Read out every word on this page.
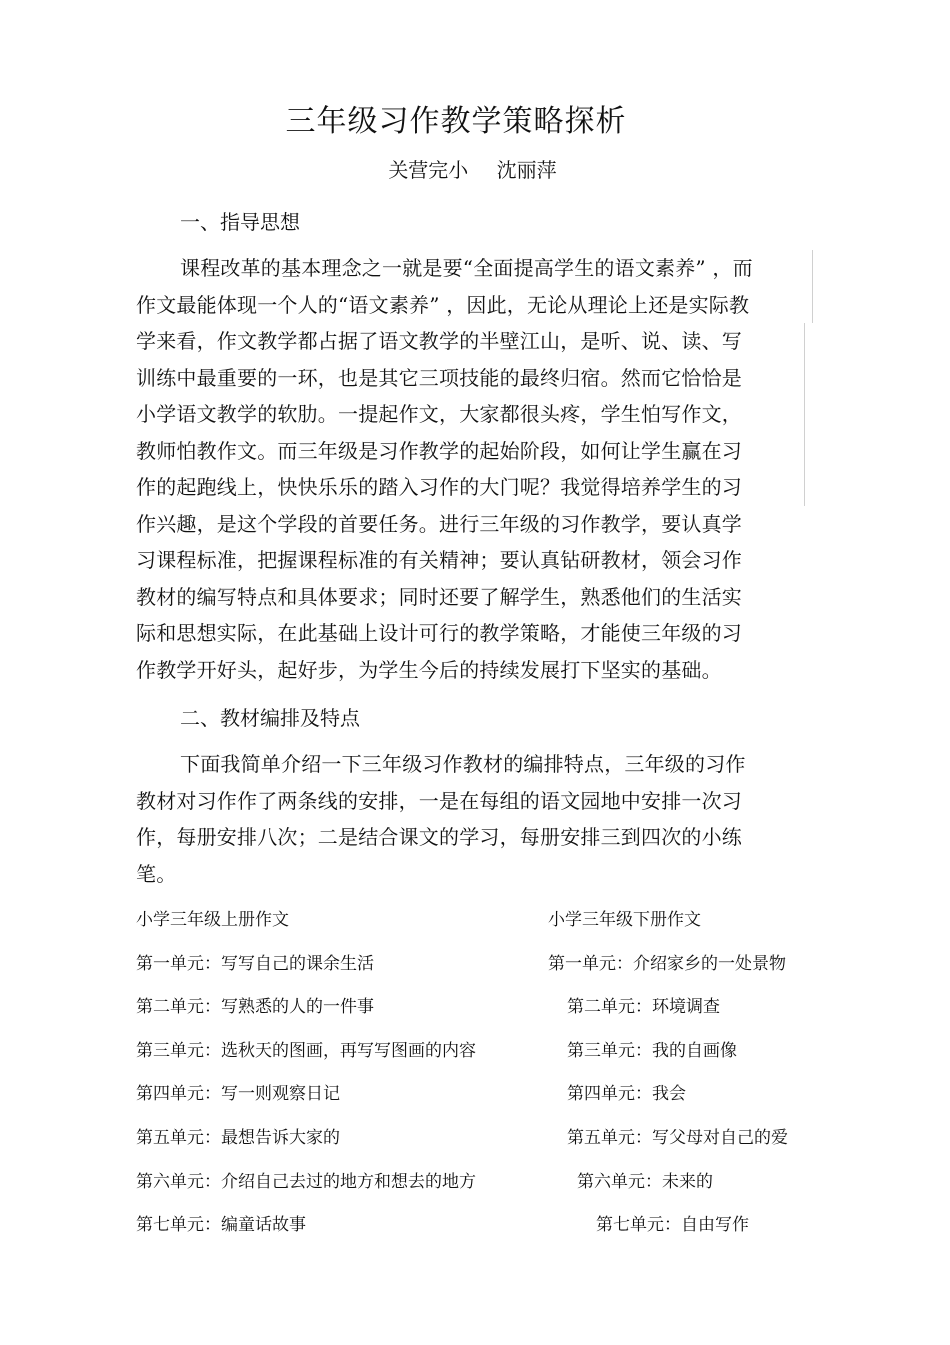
三年级习作教学策略探析
关营完小 沈丽萍
一、指导思想
课程改革的基本理念之一就是要“全面提高学生的语文素养” ，而
作文最能体现一个人的“语文素养” ，因此，无论从理论上还是实际教
学来看，作文教学都占据了语文教学的半壁江山，是听、说、读、写
训练中最重要的一环，也是其它三项技能的最终归宿。然而它恰恰是
小学语文教学的软肋。一提起作文，大家都很头疼，学生怕写作文，
教师怕教作文。而三年级是习作教学的起始阶段，如何让学生赢在习
作的起跑线上，快快乐乐的踏入习作的大门呢？我觉得培养学生的习
作兴趣，是这个学段的首要任务。进行三年级的习作教学，要认真学
习课程标准，把握课程标准的有关精神；要认真钻研教材，领会习作
教材的编写特点和具体要求；同时还要了解学生，熟悉他们的生活实
际和思想实际，在此基础上设计可行的教学策略，才能使三年级的习
作教学开好头，起好步，为学生今后的持续发展打下坚实的基础。
二、教材编排及特点
下面我简单介绍一下三年级习作教材的编排特点，三年级的习作
教材对习作作了两条线的安排，一是在每组的语文园地中安排一次习
作，每册安排八次；二是结合课文的学习，每册安排三到四次的小练
笔。
小学三年级上册作文
第一单元：写写自己的课余生活
第二单元：写熟悉的人的一件事
第三单元：选秋天的图画，再写写图画的内容
第四单元：写一则观察日记
第五单元：最想告诉大家的
第六单元：介绍自己去过的地方和想去的地方
第七单元：编童话故事
小学三年级下册作文
第一单元：介绍家乡的一处景物
第二单元：环境调查
第三单元：我的自画像
第四单元：我会
第五单元：写父母对自己的爱
第六单元：未来的
第七单元：自由写作
